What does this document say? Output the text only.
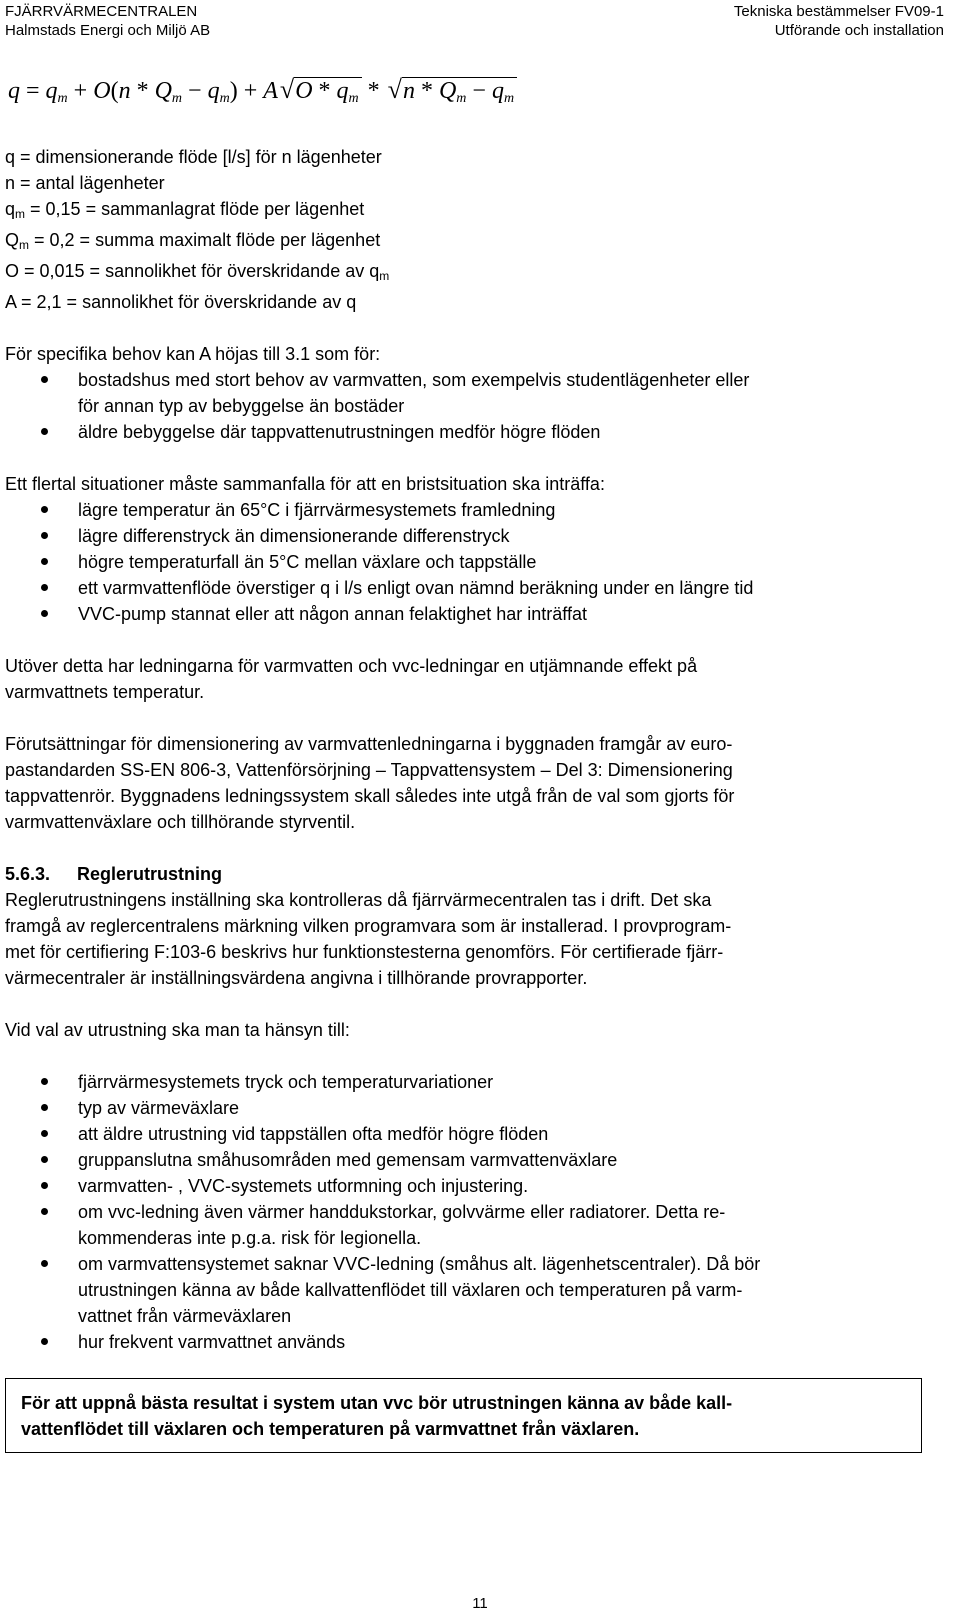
FJÄRRVÄRMECENTRALEN
Halmstads Energi och Miljö AB
Tekniska bestämmelser FV09-1
Utförande och installation
$q = q_m + O(n * Q_m - q_m) + A√O * q_m * √n * Q_m - q_m$
q = dimensionerande flöde [l/s] för n lägenheter
n = antal lägenheter
$q_m = 0,15$ = sammanlagrat flöde per lägenhet
$Q_m = 0,2$ = summa maximalt flöde per lägenhet
O = 0,015 = sannolikhet för överskridande av $q_m$
A = 2,1 = sannolikhet för överskridande av q
För specifika behov kan A höjas till 3.1 som för:
bostadshus med stort behov av varmvatten, som exempelvis studentlägenheter eller
för annan typ av bebyggelse än bostäder
äldre bebyggelse där tappvattenutrustningen medför högre flöden
Ett flertal situationer måste sammanfalla för att en bristsituation ska inträffa:
lägre temperatur än 65°C i fjärrvärmesystemets framledning
lägre differenstryck än dimensionerande differenstryck
högre temperaturfall än 5°C mellan växlare och tappställe
ett varmvattenflöde överstiger q i l/s enligt ovan nämnd beräkning under en längre tid
VVC-pump stannat eller att någon annan felaktighet har inträffat
Utöver detta har ledningarna för varmvatten och vvc-ledningar en utjämnande effekt på
varmvattnets temperatur.
Förutsättningar för dimensionering av varmvattenledningarna i byggnaden framgår av euro-
pastandarden SS-EN 806-3, Vattenförsörjning – Tappvattensystem – Del 3: Dimensionering
tappvattenrör. Byggnadens ledningssystem skall således inte utgå från de val som gjorts för
varmvattenväxlare och tillhörande styrventil.
5.6.3. Reglerutrustning
Reglerutrustningens inställning ska kontrolleras då fjärrvärmecentralen tas i drift. Det ska
framgå av reglercentralens märkning vilken programvara som är installerad. I provprogram-
met för certifiering F:103-6 beskrivs hur funktionstesterna genomförs. För certifierade fjärr-
värmecentraler är inställningsvärdena angivna i tillhörande provrapporter.
Vid val av utrustning ska man ta hänsyn till:
fjärrvärmesystemets tryck och temperaturvariationer
typ av värmeväxlare
att äldre utrustning vid tappställen ofta medför högre flöden
gruppanslutna småhusområden med gemensam varmvattenväxlare
varmvatten- , VVC-systemets utformning och injustering.
om vvc-ledning även värmer handdukstorkar, golvvärme eller radiatorer. Detta re-
kommenderas inte p.g.a. risk för legionella.
om varmvattensystemet saknar VVC-ledning (småhus alt. lägenhetscentraler). Då bör
utrustningen känna av både kallvattenflödet till växlaren och temperaturen på varm-
vattnet från värmeväxlaren
hur frekvent varmvattnet används
För att uppnå bästa resultat i system utan vvc bör utrustningen känna av både kall-
vattenflödet till växlaren och temperaturen på varmvattnet från växlaren.
11
